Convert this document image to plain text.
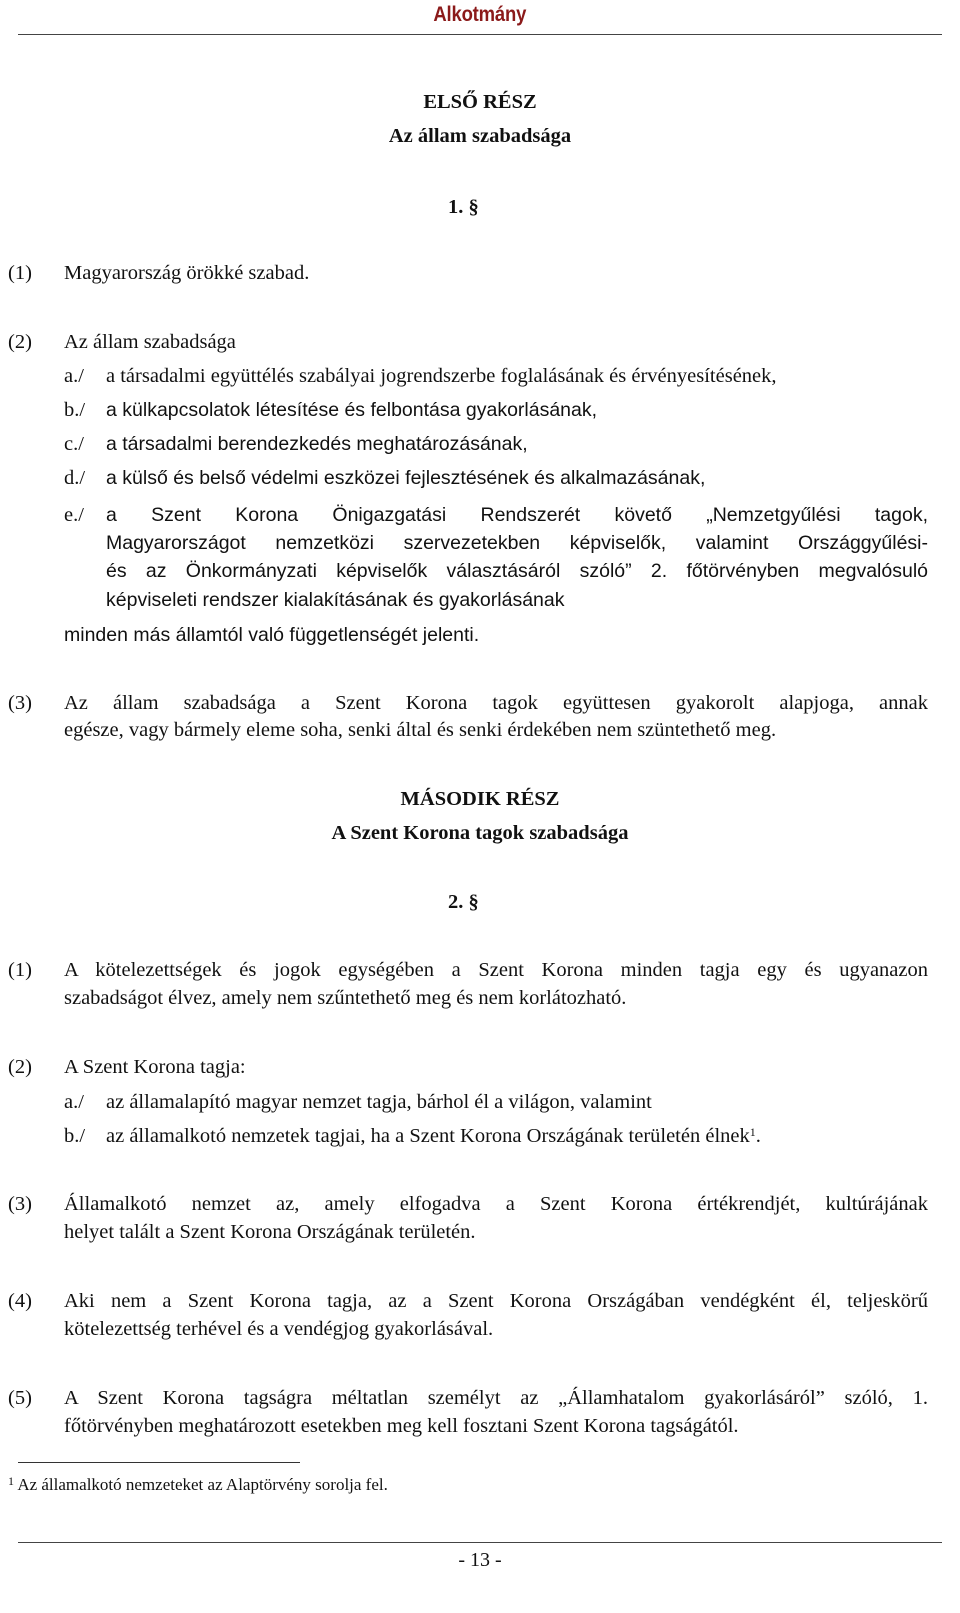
Alkotmány
ELSŐ RÉSZ
Az állam szabadsága
1. §
(1) Magyarország örökké szabad.
(2) Az állam szabadsága
a./ a társadalmi együttélés szabályai jogrendszerbe foglalásának és érvényesítésének,
b./ a külkapcsolatok létesítése és felbontása gyakorlásának,
c./ a társadalmi berendezkedés meghatározásának,
d./ a külső és belső védelmi eszközei fejlesztésének és alkalmazásának,
e./ a Szent Korona Önigazgatási Rendszerét követő „Nemzetgyűlési tagok,
Magyarországot nemzetközi szervezetekben képviselők, valamint Országgyűlési-
és az Önkormányzati képviselők választásáról szóló” 2. főtörvényben megvalósuló
képviseleti rendszer kialakításának és gyakorlásának
minden más államtól való függetlenségét jelenti.
(3) Az állam szabadsága a Szent Korona tagok együttesen gyakorolt alapjoga, annak
egésze, vagy bármely eleme soha, senki által és senki érdekében nem szüntethető meg.
MÁSODIK RÉSZ
A Szent Korona tagok szabadsága
2. §
(1) A kötelezettségek és jogok egységében a Szent Korona minden tagja egy és ugyanazon
szabadságot élvez, amely nem szűntethető meg és nem korlátozható.
(2) A Szent Korona tagja:
a./ az államalapító magyar nemzet tagja, bárhol él a világon, valamint
b./ az államalkotó nemzetek tagjai, ha a Szent Korona Országának területén élnek$^1$.
(3) Államalkotó nemzet az, amely elfogadva a Szent Korona értékrendjét, kultúrájának
helyet talált a Szent Korona Országának területén.
(4) Aki nem a Szent Korona tagja, az a Szent Korona Országában vendégként él, teljeskörű
kötelezettség terhével és a vendégjog gyakorlásával.
(5) A Szent Korona tagságra méltatlan személyt az „Államhatalom gyakorlásáról” szóló, 1.
főtörvényben meghatározott esetekben meg kell fosztani Szent Korona tagságától.
$^1$ Az államalkotó nemzeteket az Alaptörvény sorolja fel.
- 13 -
